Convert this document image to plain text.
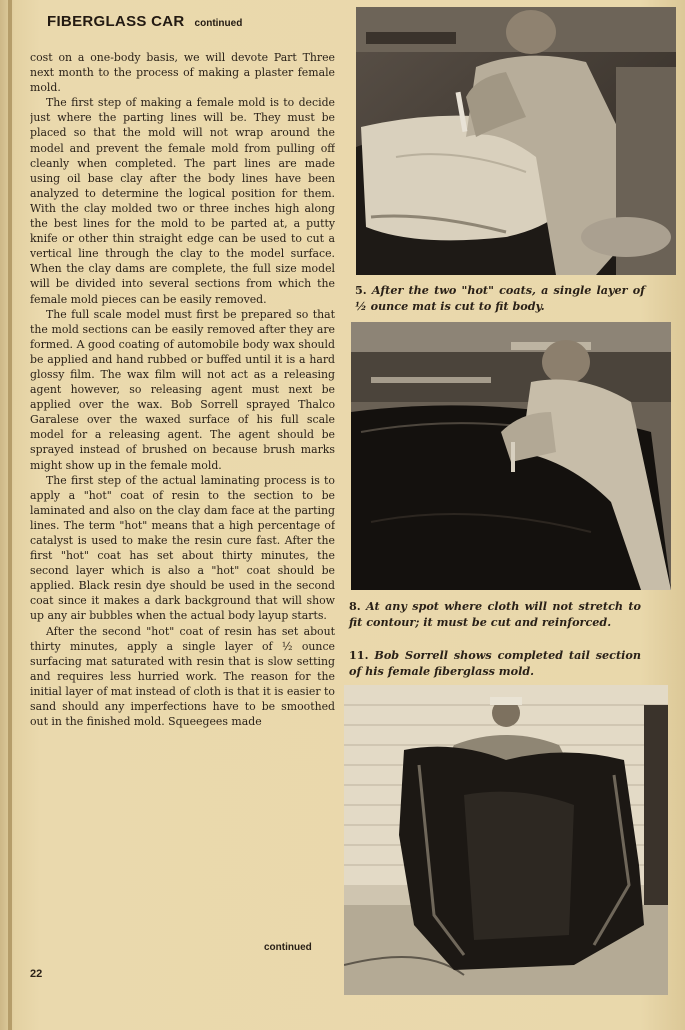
FIBERGLASS CAR continued

cost on a one-body basis, we will devote Part Three next month to the process of making a plaster female mold.

The first step of making a female mold is to decide just where the parting lines will be. They must be placed so that the mold will not wrap around the model and prevent the female mold from pulling off cleanly when completed. The part lines are made using oil base clay after the body lines have been analyzed to determine the logical position for them. With the clay molded two or three inches high along the best lines for the mold to be parted at, a putty knife or other thin straight edge can be used to cut a vertical line through the clay to the model surface. When the clay dams are complete, the full size model will be divided into several sections from which the female mold pieces can be easily removed.

The full scale model must first be prepared so that the mold sections can be easily removed after they are formed. A good coating of automobile body wax should be applied and hand rubbed or buffed until it is a hard glossy film. The wax film will not act as a releasing agent however, so releasing agent must next be applied over the wax. Bob Sorrell sprayed Thalco Garalese over the waxed surface of his full scale model for a releasing agent. The agent should be sprayed instead of brushed on because brush marks might show up in the female mold.

The first step of the actual laminating process is to apply a "hot" coat of resin to the section to be laminated and also on the clay dam face at the parting lines. The term "hot" means that a high percentage of catalyst is used to make the resin cure fast. After the first "hot" coat has set about thirty minutes, the second layer which is also a "hot" coat should be applied. Black resin dye should be used in the second coat since it makes a dark background that will show up any air bubbles when the actual body layup starts.

After the second "hot" coat of resin has set about thirty minutes, apply a single layer of ½ ounce surfacing mat saturated with resin that is slow setting and requires less hurried work. The reason for the initial layer of mat instead of cloth is that it is easier to sand should any imperfections have to be smoothed out in the finished mold. Squeegees made

continued
22
5. After the two "hot" coats, a single layer of ½ ounce mat is cut to fit body.
8. At any spot where cloth will not stretch to fit contour; it must be cut and reinforced.
11. Bob Sorrell shows completed tail section of his female fiberglass mold.
